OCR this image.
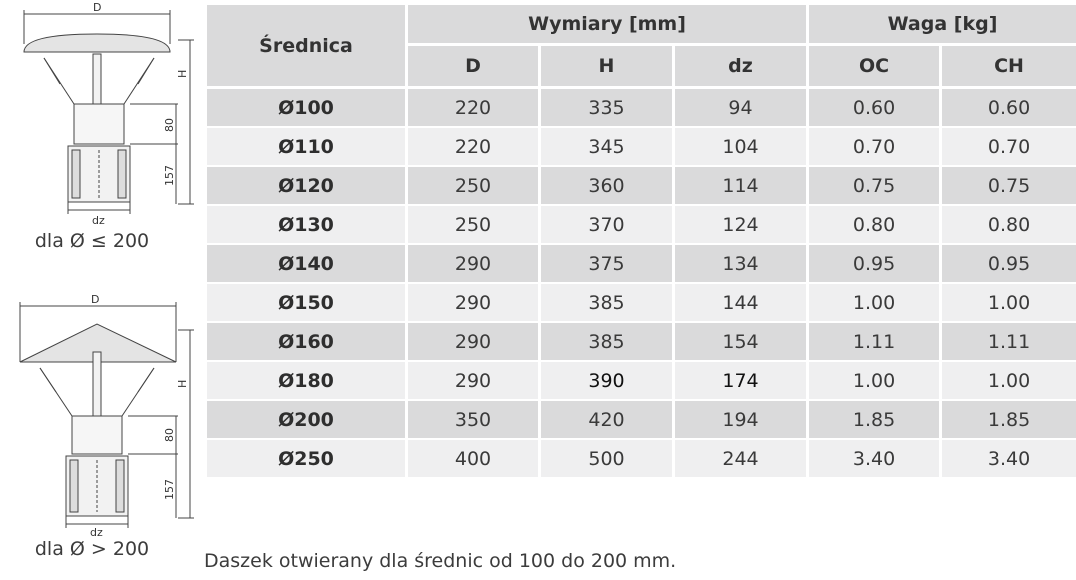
D
H
80
157
dz
dla Ø ≤ 200
D
H
80
157
dz
dla Ø > 200
Średnica	Wymiary [mm]			Waga [kg]	
	D	H	dz	OC	CH
Ø100	220	335	94	0.60	0.60
Ø110	220	345	104	0.70	0.70
Ø120	250	360	114	0.75	0.75
Ø130	250	370	124	0.80	0.80
Ø140	290	375	134	0.95	0.95
Ø150	290	385	144	1.00	1.00
Ø160	290	385	154	1.11	1.11
Ø180	290	390	174	1.00	1.00
Ø200	350	420	194	1.85	1.85
Ø250	400	500	244	3.40	3.40
Daszek otwierany dla średnic od 100 do 200 mm.
